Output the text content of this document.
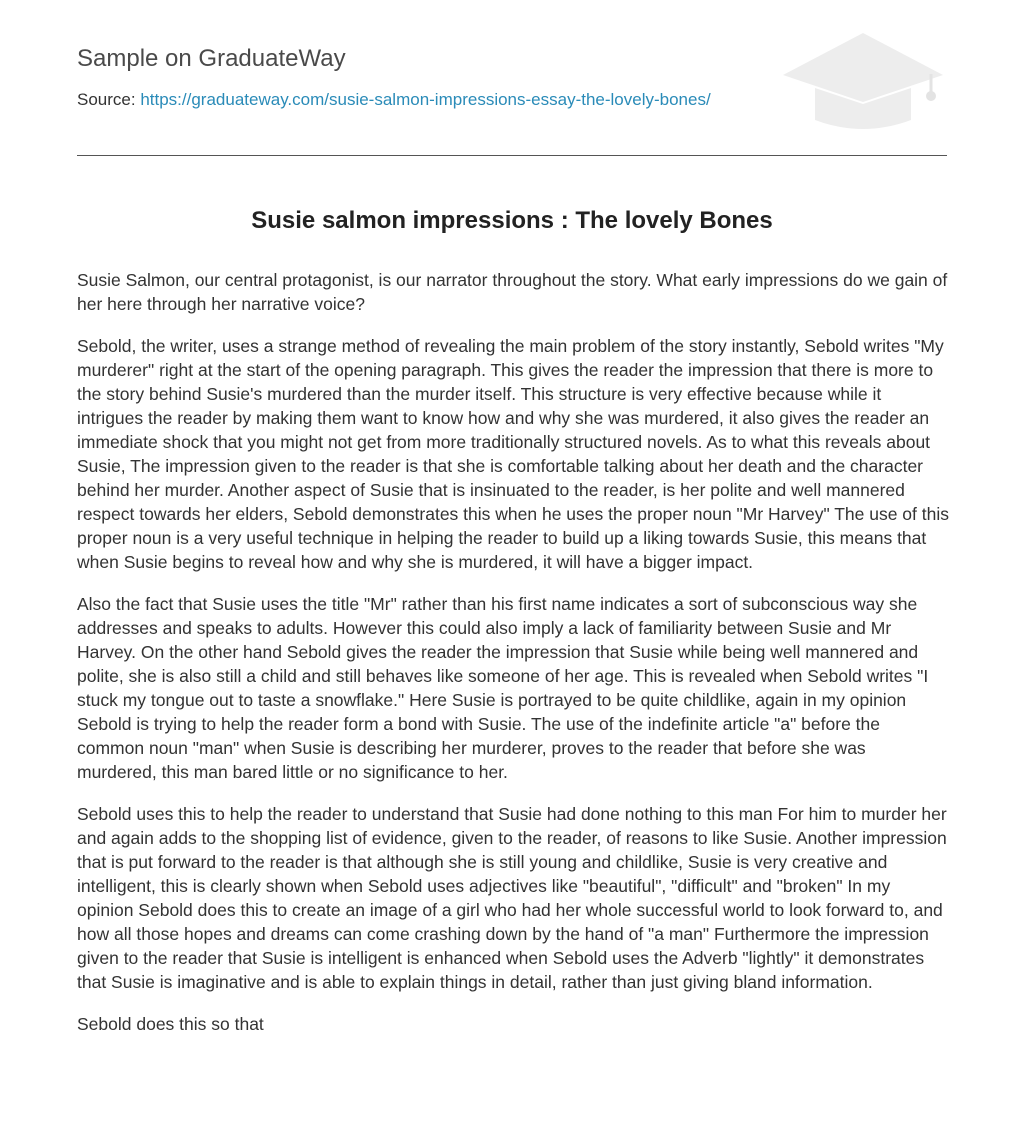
Sample on GraduateWay
Source: https://graduateway.com/susie-salmon-impressions-essay-the-lovely-bones/
Susie salmon impressions : The lovely Bones

Susie Salmon, our central protagonist, is our narrator throughout the story. What early impressions do we gain of her here through her narrative voice?

Sebold, the writer, uses a strange method of revealing the main problem of the story instantly, Sebold writes "My murderer" right at the start of the opening paragraph. This gives the reader the impression that there is more to the story behind Susie's murdered than the murder itself. This structure is very effective because while it intrigues the reader by making them want to know how and why she was murdered, it also gives the reader an immediate shock that you might not get from more traditionally structured novels. As to what this reveals about Susie, The impression given to the reader is that she is comfortable talking about her death and the character behind her murder. Another aspect of Susie that is insinuated to the reader, is her polite and well mannered respect towards her elders, Sebold demonstrates this when he uses the proper noun "Mr Harvey" The use of this proper noun is a very useful technique in helping the reader to build up a liking towards Susie, this means that when Susie begins to reveal how and why she is murdered, it will have a bigger impact.

Also the fact that Susie uses the title "Mr" rather than his first name indicates a sort of subconscious way she addresses and speaks to adults. However this could also imply a lack of familiarity between Susie and Mr Harvey. On the other hand Sebold gives the reader the impression that Susie while being well mannered and polite, she is also still a child and still behaves like someone of her age. This is revealed when Sebold writes "I stuck my tongue out to taste a snowflake." Here Susie is portrayed to be quite childlike, again in my opinion Sebold is trying to help the reader form a bond with Susie. The use of the indefinite article "a" before the common noun "man" when Susie is describing her murderer, proves to the reader that before she was murdered, this man bared little or no significance to her.

Sebold uses this to help the reader to understand that Susie had done nothing to this man For him to murder her and again adds to the shopping list of evidence, given to the reader, of reasons to like Susie. Another impression that is put forward to the reader is that although she is still young and childlike, Susie is very creative and intelligent, this is clearly shown when Sebold uses adjectives like "beautiful", "difficult" and "broken" In my opinion Sebold does this to create an image of a girl who had her whole successful world to look forward to, and how all those hopes and dreams can come crashing down by the hand of "a man" Furthermore the impression given to the reader that Susie is intelligent is enhanced when Sebold uses the Adverb "lightly" it demonstrates that Susie is imaginative and is able to explain things in detail, rather than just giving bland information.

Sebold does this so that
